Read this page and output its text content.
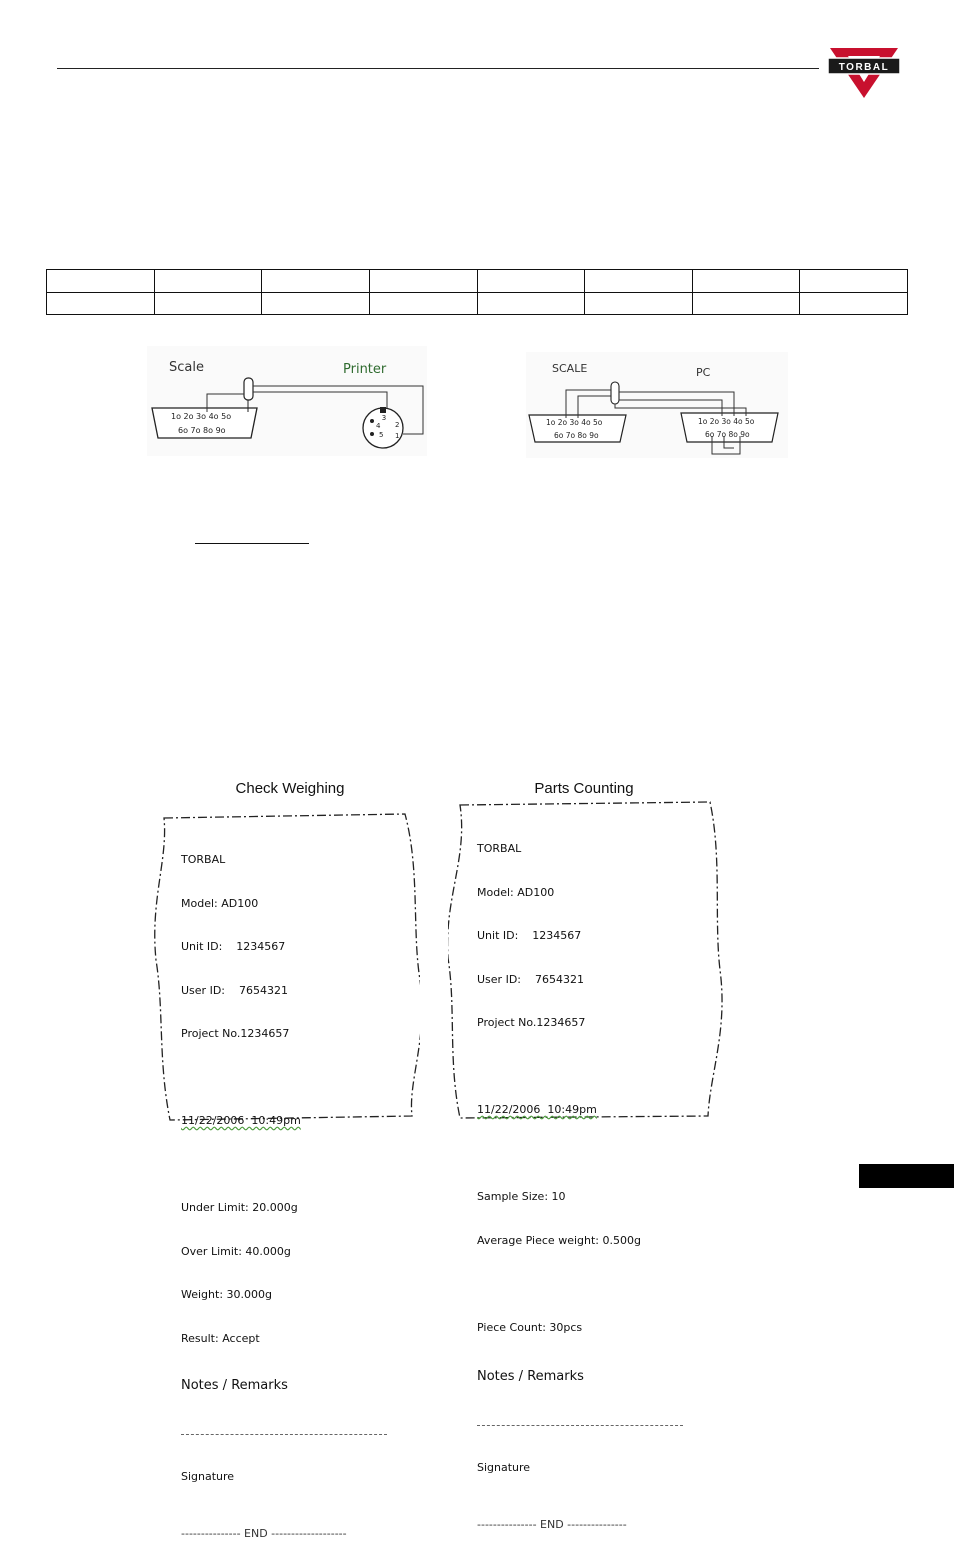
TORBAL

Scale	Printer
1o 2o 3o 4o 5o
6o 7o 8o 9o
3
4 2
5 1
SCALE	PC
1o 2o 3o 4o 5o
6o 7o 8o 9o
1o 2o 3o 4o 5o
6o 7o 8o 9o
Check Weighing	Parts Counting

TORBAL

Model: AD100

Unit ID:    1234567

User ID:    7654321

Project No.1234657

11/22/2006  10:49pm

Under Limit: 20.000g

Over Limit: 40.000g

Weight: 30.000g

Result: Accept

Notes / Remarks

Signature

--------------- END -------------------

TORBAL

Model: AD100

Unit ID:    1234567

User ID:    7654321

Project No.1234657

11/22/2006  10:49pm

Sample Size: 10

Average Piece weight: 0.500g

Piece Count: 30pcs

Notes / Remarks

Signature

--------------- END ---------------
